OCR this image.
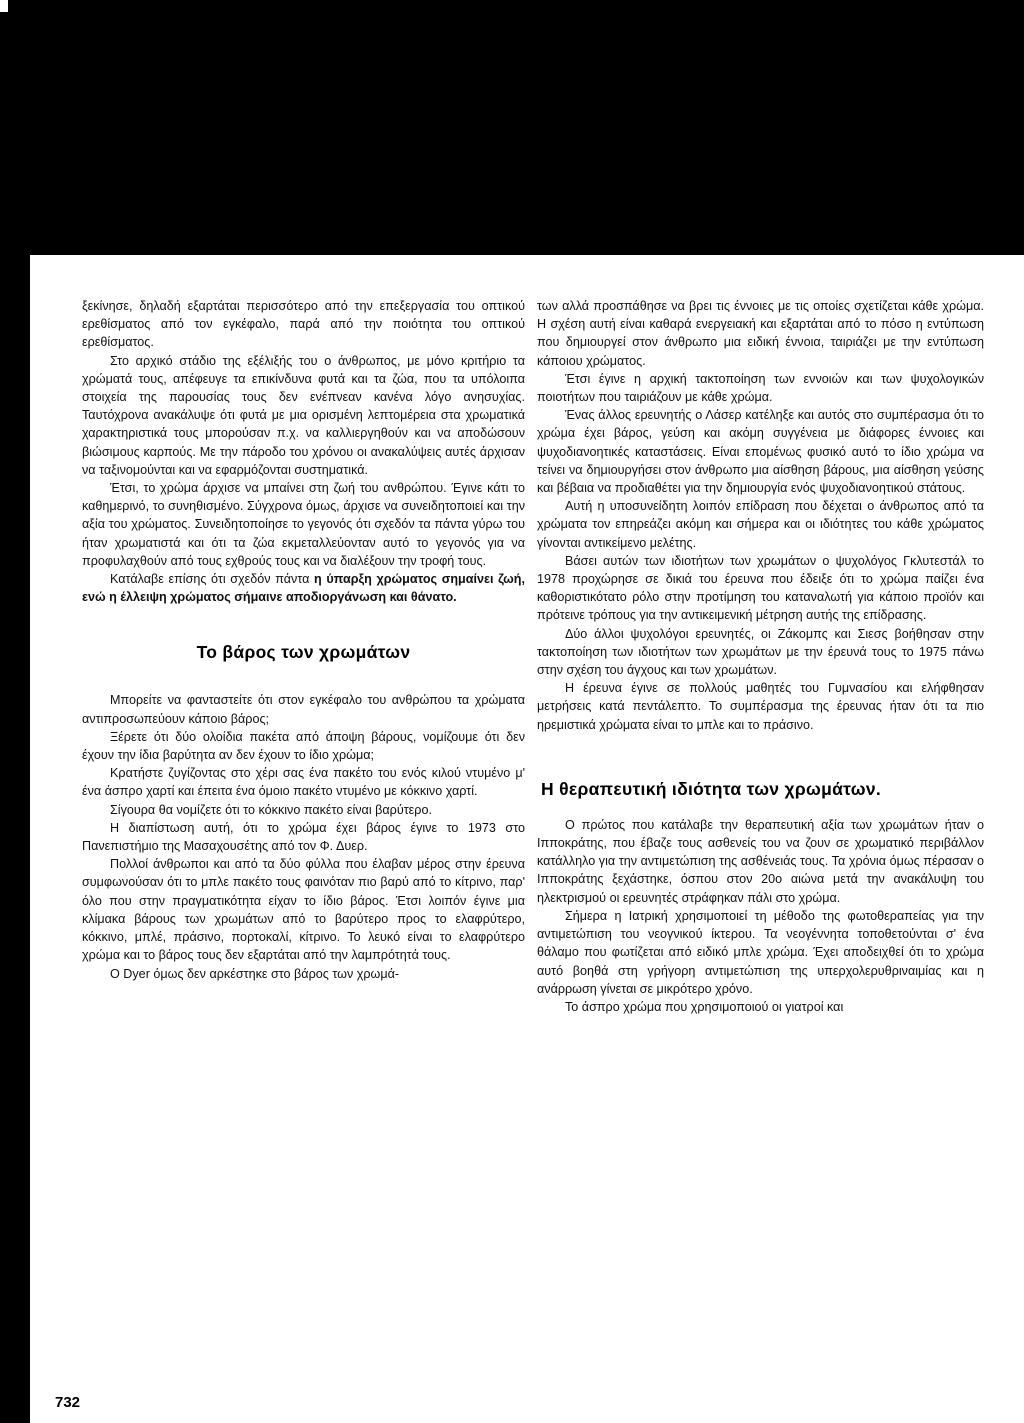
ξεκίνησε, δηλαδή εξαρτάται περισσότερο από την επεξεργασία του οπτικού ερεθίσματος από τον εγκέφαλο, παρά από την ποιότητα του οπτικού ερεθίσματος.

Στο αρχικό στάδιο της εξέλιξής του ο άνθρωπος, με μόνο κριτήριο τα χρώματά τους, απέφευγε τα επικίνδυνα φυτά και τα ζώα, που τα υπόλοιπα στοιχεία της παρουσίας τους δεν ενέπνεαν κανένα λόγο ανησυχίας. Ταυτόχρονα ανακάλυψε ότι φυτά με μια ορισμένη λεπτομέρεια στα χρωματικά χαρακτηριστικά τους μπορούσαν π.χ. να καλλιεργηθούν και να αποδώσουν βιώσιμους καρπούς. Με την πάροδο του χρόνου οι ανακαλύψεις αυτές άρχισαν να ταξινομούνται και να εφαρμόζονται συστηματικά.

Έτσι, το χρώμα άρχισε να μπαίνει στη ζωή του ανθρώπου. Έγινε κάτι το καθημερινό, το συνηθισμένο. Σύγχρονα όμως, άρχισε να συνειδητοποιεί και την αξία του χρώματος. Συνειδητοποίησε το γεγονός ότι σχεδόν τα πάντα γύρω του ήταν χρωματιστά και ότι τα ζώα εκμεταλλεύονταν αυτό το γεγονός για να προφυλαχθούν από τους εχθρούς τους και να διαλέξουν την τροφή τους.

Κατάλαβε επίσης ότι σχεδόν πάντα η ύπαρξη χρώματος σημαίνει ζωή, ενώ η έλλειψη χρώματος σήμαινε αποδιοργάνωση και θάνατο.

Το βάρος των χρωμάτων

Μπορείτε να φανταστείτε ότι στον εγκέφαλο του ανθρώπου τα χρώματα αντιπροσωπεύουν κάποιο βάρος;

Ξέρετε ότι δύο ολοίδια πακέτα από άποψη βάρους, νομίζουμε ότι δεν έχουν την ίδια βαρύτητα αν δεν έχουν το ίδιο χρώμα;

Κρατήστε ζυγίζοντας στο χέρι σας ένα πακέτο του ενός κιλού ντυμένο μ' ένα άσπρο χαρτί και έπειτα ένα όμοιο πακέτο ντυμένο με κόκκινο χαρτί.

Σίγουρα θα νομίζετε ότι το κόκκινο πακέτο είναι βαρύτερο.

Η διαπίστωση αυτή, ότι το χρώμα έχει βάρος έγινε το 1973 στο Πανεπιστήμιο της Μασαχουσέτης από τον Φ. Δυερ.

Πολλοί άνθρωποι και από τα δύο φύλλα που έλαβαν μέρος στην έρευνα συμφωνούσαν ότι το μπλε πακέτο τους φαινόταν πιο βαρύ από το κίτρινο, παρ' όλο που στην πραγματικότητα είχαν το ίδιο βάρος. Έτσι λοιπόν έγινε μια κλίμακα βάρους των χρωμάτων από το βαρύτερο προς το ελαφρύτερο, κόκκινο, μπλέ, πράσινο, πορτοκαλί, κίτρινο. Το λευκό είναι το ελαφρύτερο χρώμα και το βάρος τους δεν εξαρτάται από την λαμπρότητά τους.

Ο Dyer όμως δεν αρκέστηκε στο βάρος των χρωμά-

των αλλά προσπάθησε να βρει τις έννοιες με τις οποίες σχετίζεται κάθε χρώμα. Η σχέση αυτή είναι καθαρά ενεργειακή και εξαρτάται από το πόσο η εντύπωση που δημιουργεί στον άνθρωπο μια ειδική έννοια, ταιριάζει με την εντύπωση κάποιου χρώματος.

Έτσι έγινε η αρχική τακτοποίηση των εννοιών και των ψυχολογικών ποιοτήτων που ταιριάζουν με κάθε χρώμα.

Ένας άλλος ερευνητής ο Λάσερ κατέληξε και αυτός στο συμπέρασμα ότι το χρώμα έχει βάρος, γεύση και ακόμη συγγένεια με διάφορες έννοιες και ψυχοδιανοητικές καταστάσεις. Είναι επομένως φυσικό αυτό το ίδιο χρώμα να τείνει να δημιουργήσει στον άνθρωπο μια αίσθηση βάρους, μια αίσθηση γεύσης και βέβαια να προδιαθέτει για την δημιουργία ενός ψυχοδιανοητικού στάτους.

Αυτή η υποσυνείδητη λοιπόν επίδραση που δέχεται ο άνθρωπος από τα χρώματα τον επηρεάζει ακόμη και σήμερα και οι ιδιότητες του κάθε χρώματος γίνονται αντικείμενο μελέτης.

Βάσει αυτών των ιδιοτήτων των χρωμάτων ο ψυχολόγος Γκλυτεστάλ το 1978 προχώρησε σε δικιά του έρευνα που έδειξε ότι το χρώμα παίζει ένα καθοριστικότατο ρόλο στην προτίμηση του καταναλωτή για κάποιο προϊόν και πρότεινε τρόπους για την αντικειμενική μέτρηση αυτής της επίδρασης.

Δύο άλλοι ψυχολόγοι ερευνητές, οι Ζάκομπς και Σιεσς βοήθησαν στην τακτοποίηση των ιδιοτήτων των χρωμάτων με την έρευνά τους το 1975 πάνω στην σχέση του άγχους και των χρωμάτων.

Η έρευνα έγινε σε πολλούς μαθητές του Γυμνασίου και ελήφθησαν μετρήσεις κατά πεντάλεπτο. Το συμπέρασμα της έρευνας ήταν ότι τα πιο ηρεμιστικά χρώματα είναι το μπλε και το πράσινο.

Η θεραπευτική ιδιότητα των χρωμάτων.

Ο πρώτος που κατάλαβε την θεραπευτική αξία των χρωμάτων ήταν ο Ιπποκράτης, που έβαζε τους ασθενείς του να ζουν σε χρωματικό περιβάλλον κατάλληλο για την αντιμετώπιση της ασθένειάς τους. Τα χρόνια όμως πέρασαν ο Ιπποκράτης ξεχάστηκε, όσπου στον 20ο αιώνα μετά την ανακάλυψη του ηλεκτρισμού οι ερευνητές στράφηκαν πάλι στο χρώμα.

Σήμερα η Ιατρική χρησιμοποιεί τη μέθοδο της φωτοθεραπείας για την αντιμετώπιση του νεογνικού ίκτερου. Τα νεογέννητα τοποθετούνται σ' ένα θάλαμο που φωτίζεται από ειδικό μπλε χρώμα. Έχει αποδειχθεί ότι το χρώμα αυτό βοηθά στη γρήγορη αντιμετώπιση της υπερχολερυθριναιμίας και η ανάρρωση γίνεται σε μικρότερο χρόνο.

Το άσπρο χρώμα που χρησιμοποιού οι γιατροί και

732
